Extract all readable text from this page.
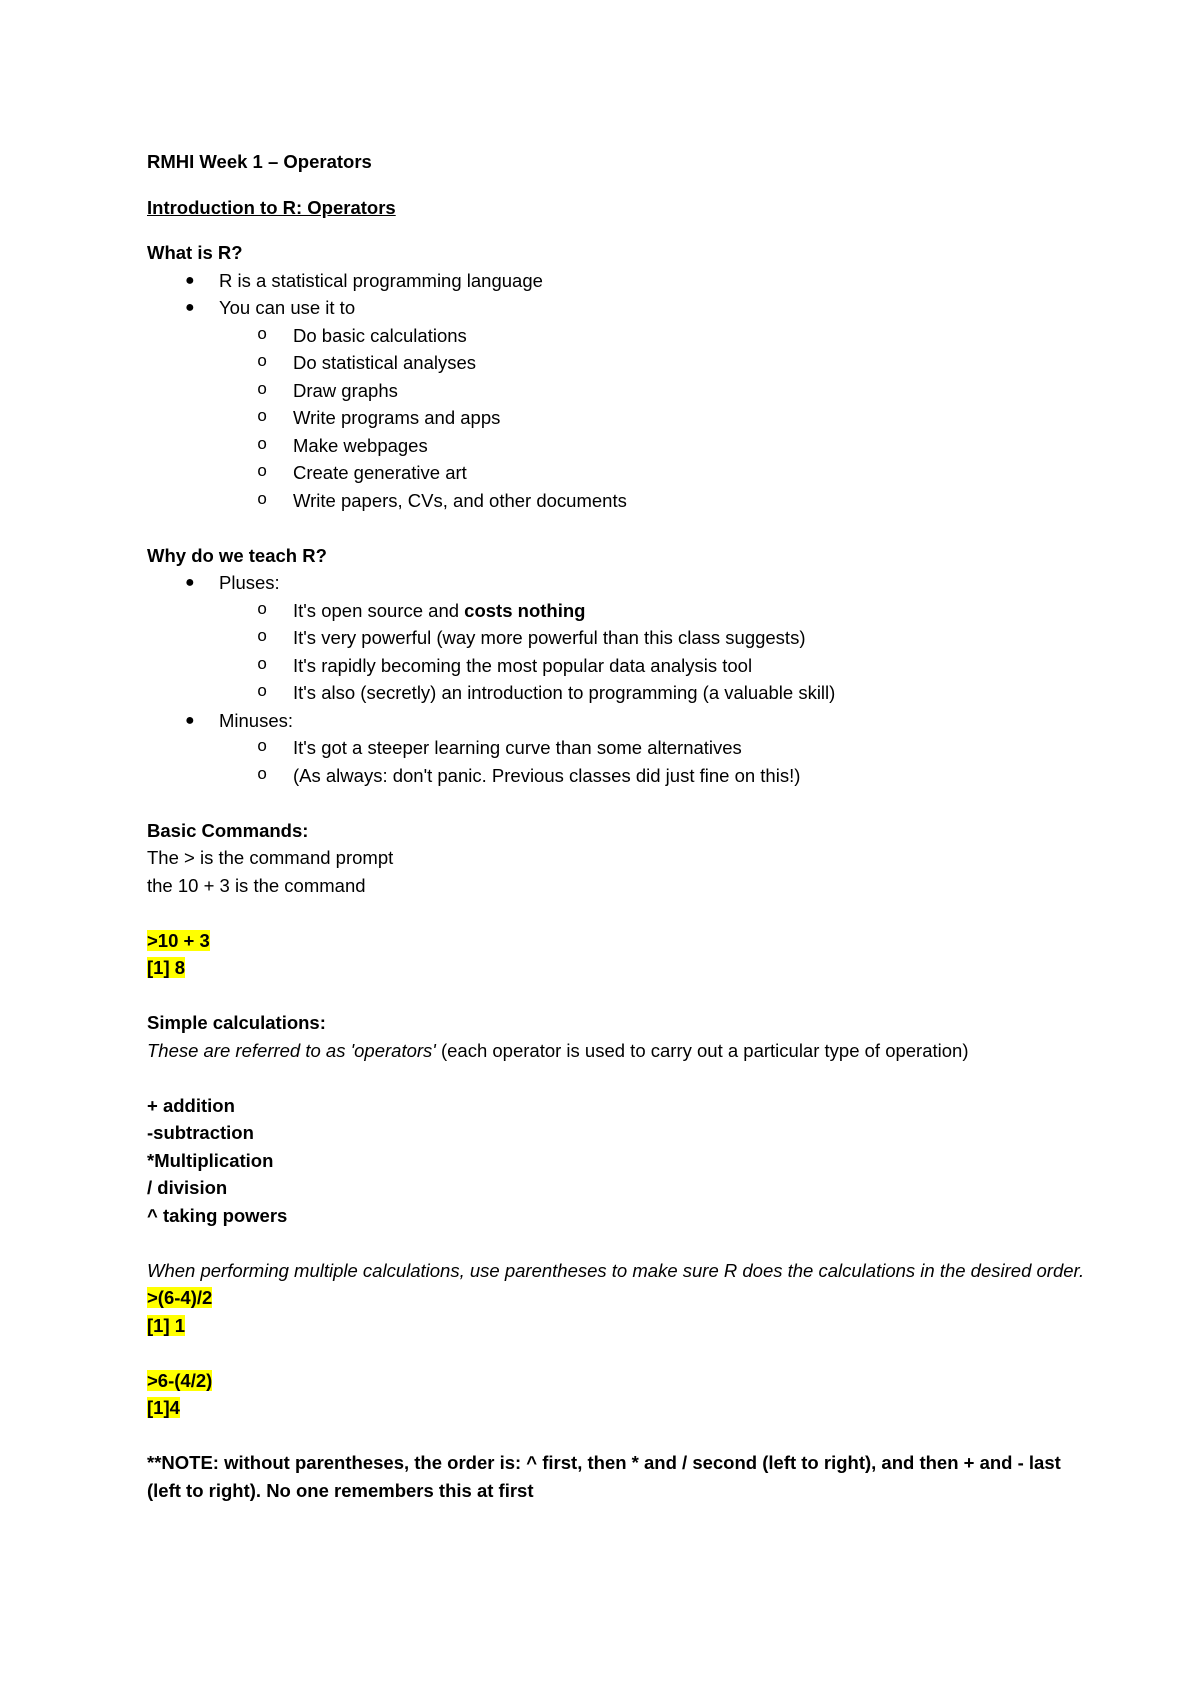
RMHI Week 1 – Operators
Introduction to R: Operators
What is R?
● R is a statistical programming language
● You can use it to
o Do basic calculations
o Do statistical analyses
o Draw graphs
o Write programs and apps
o Make webpages
o Create generative art
o Write papers, CVs, and other documents
Why do we teach R?
● Pluses:
o It's open source and costs nothing
o It's very powerful (way more powerful than this class suggests)
o It's rapidly becoming the most popular data analysis tool
o It's also (secretly) an introduction to programming (a valuable skill)
● Minuses:
o It's got a steeper learning curve than some alternatives
o (As always: don't panic. Previous classes did just fine on this!)
Basic Commands:
The > is the command prompt
the 10 + 3 is the command
>10 + 3
[1] 8
Simple calculations:
These are referred to as 'operators' (each operator is used to carry out a particular type of operation)
+ addition
-subtraction
*Multiplication
/ division
^ taking powers
When performing multiple calculations, use parentheses to make sure R does the calculations in the desired order.
>(6-4)/2
[1] 1
>6-(4/2)
[1]4
**NOTE: without parentheses, the order is: ^ first, then * and / second (left to right), and then + and - last (left to right). No one remembers this at first
